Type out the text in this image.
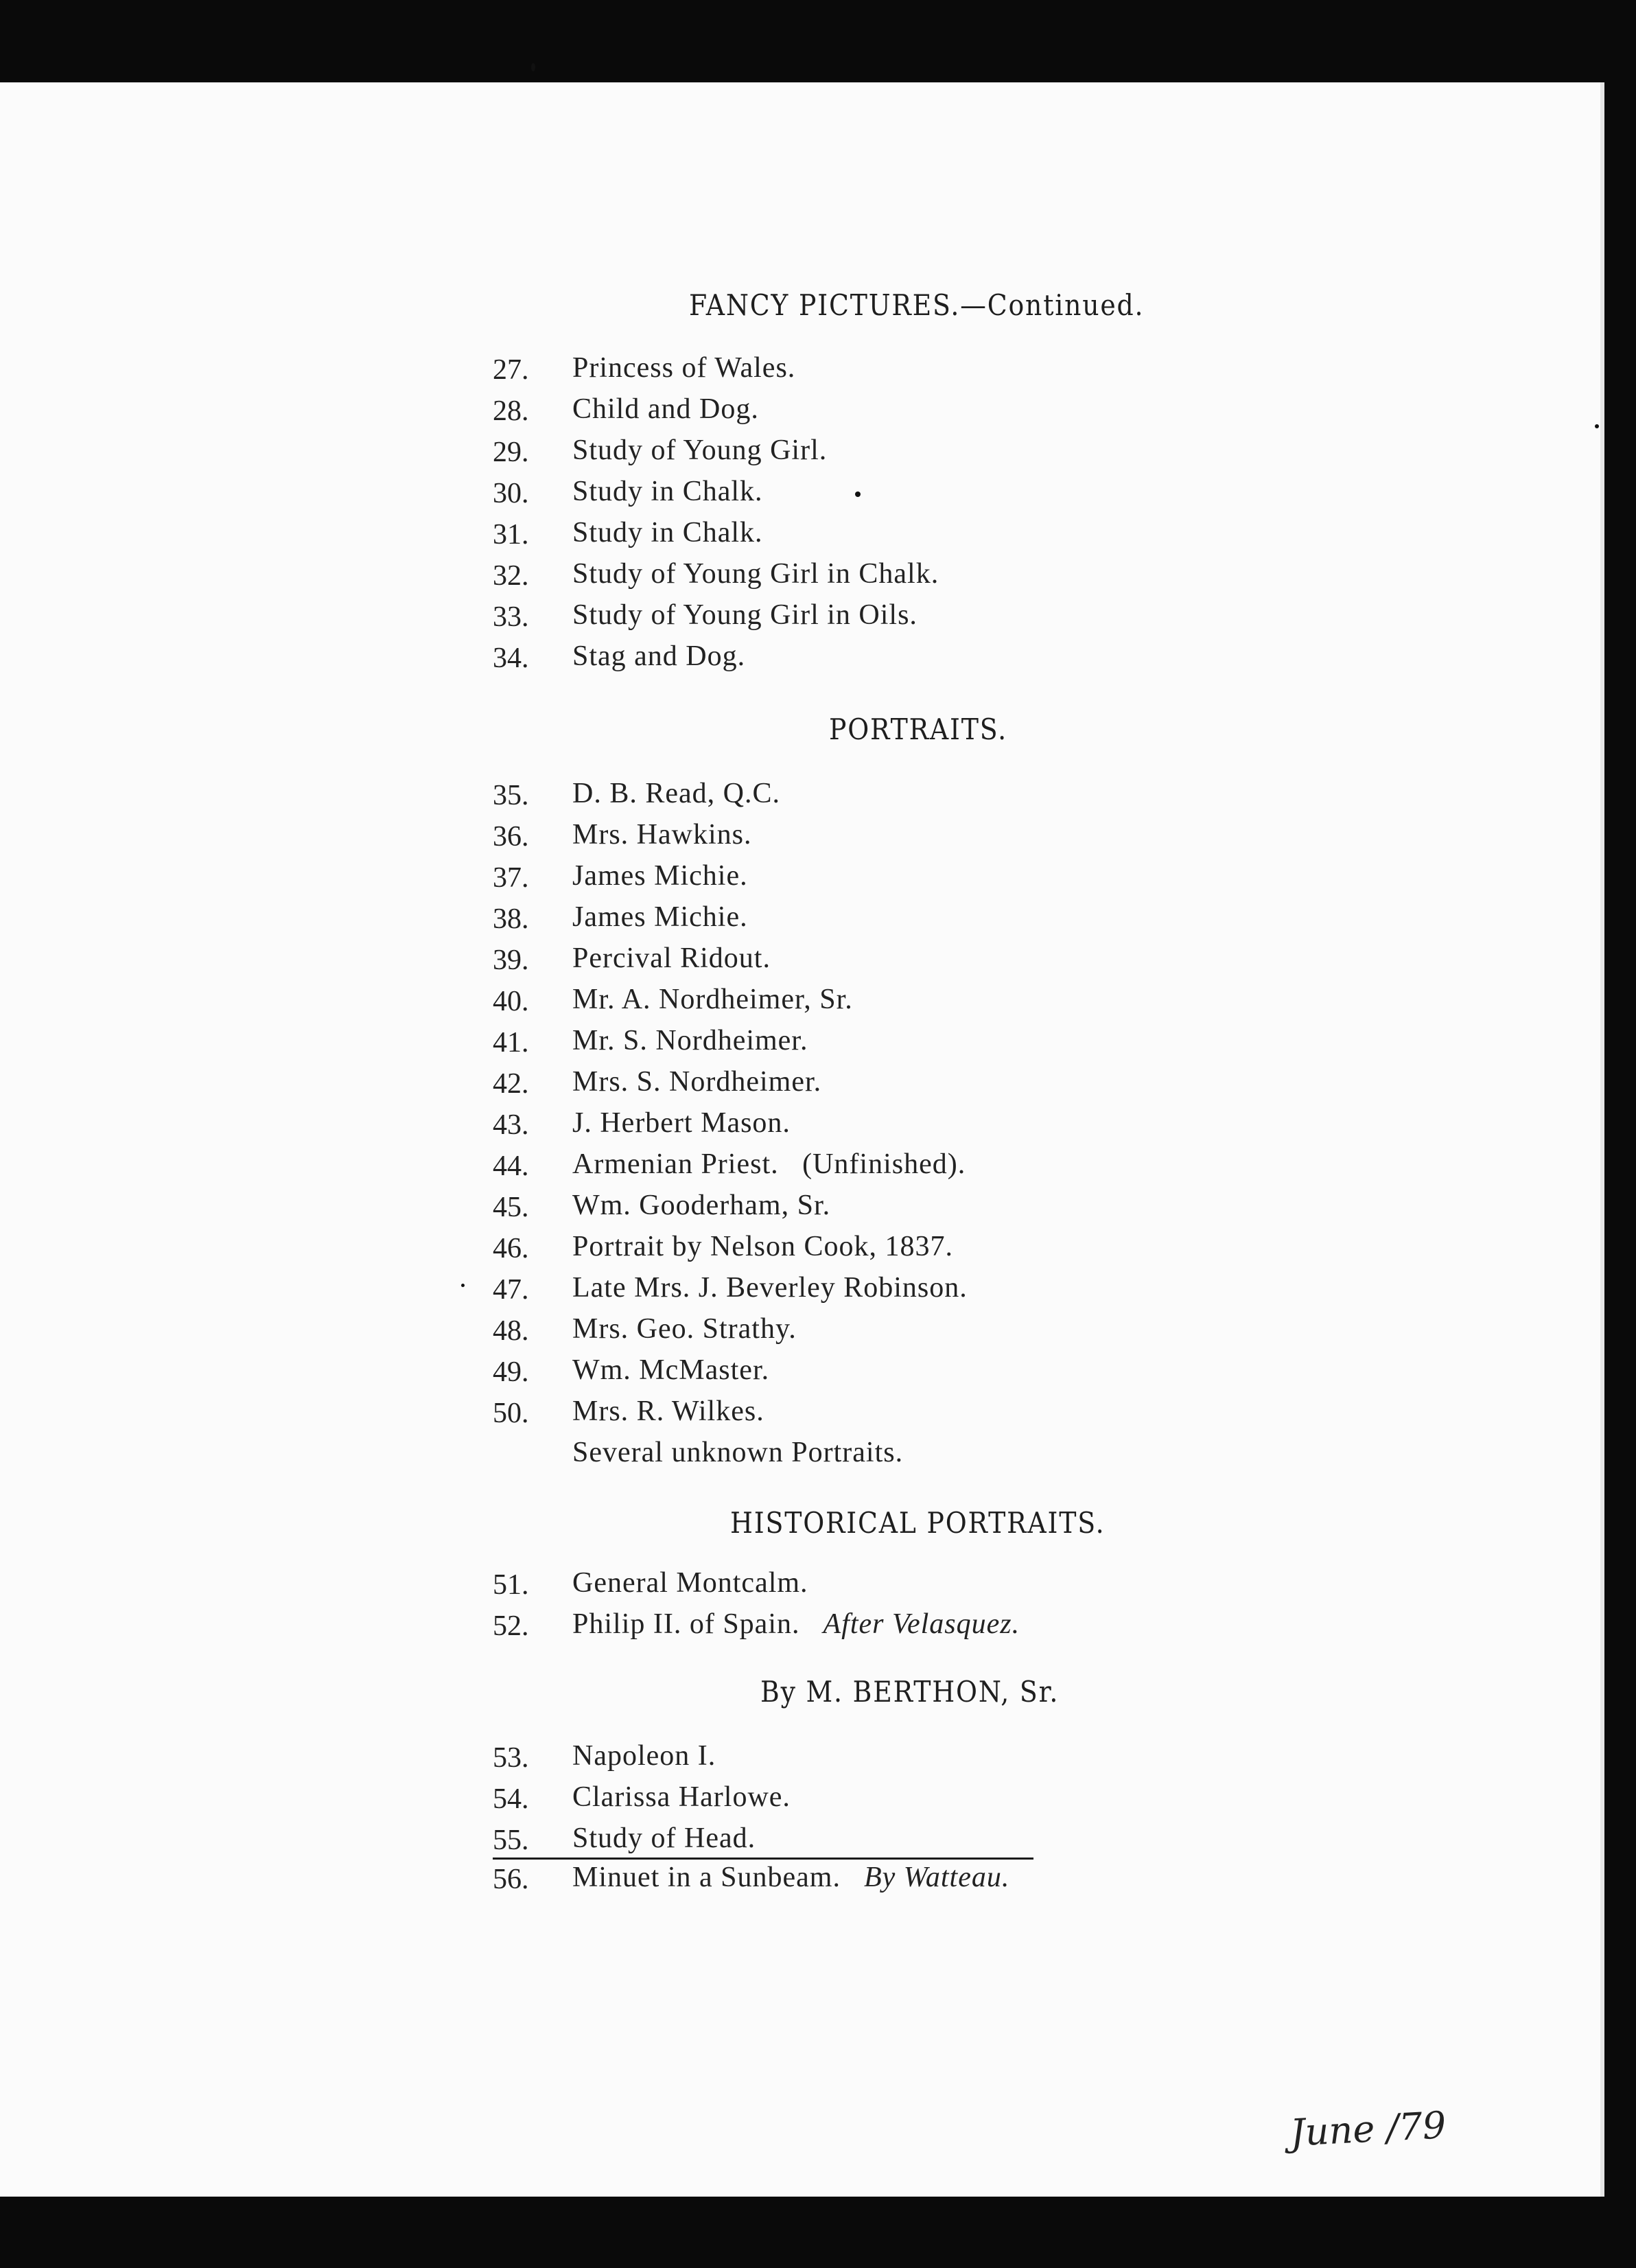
FANCY PICTURES.—Continued.
PORTRAITS.
HISTORICAL PORTRAITS.
By M. BERTHON, Sr.
27.	Princess of Wales.
28.	Child and Dog.
29.	Study of Young Girl.
30.	Study in Chalk.
31.	Study in Chalk.
32.	Study of Young Girl in Chalk.
33.	Study of Young Girl in Oils.
34.	Stag and Dog.
35.	D. B. Read, Q.C.
36.	Mrs. Hawkins.
37.	James Michie.
38.	James Michie.
39.	Percival Ridout.
40.	Mr. A. Nordheimer, Sr.
41.	Mr. S. Nordheimer.
42.	Mrs. S. Nordheimer.
43.	J. Herbert Mason.
44.	Armenian Priest.   (Unfinished).
45.	Wm. Gooderham, Sr.
46.	Portrait by Nelson Cook, 1837.
47.	Late Mrs. J. Beverley Robinson.
48.	Mrs. Geo. Strathy.
49.	Wm. McMaster.
50.	Mrs. R. Wilkes.
Several unknown Portraits.
51.	General Montcalm.
52.	Philip II. of Spain. After Velasquez.
53.	Napoleon I.
54.	Clarissa Harlowe.
55.	Study of Head.
56.	Minuet in a Sunbeam. By Watteau.
June /79
